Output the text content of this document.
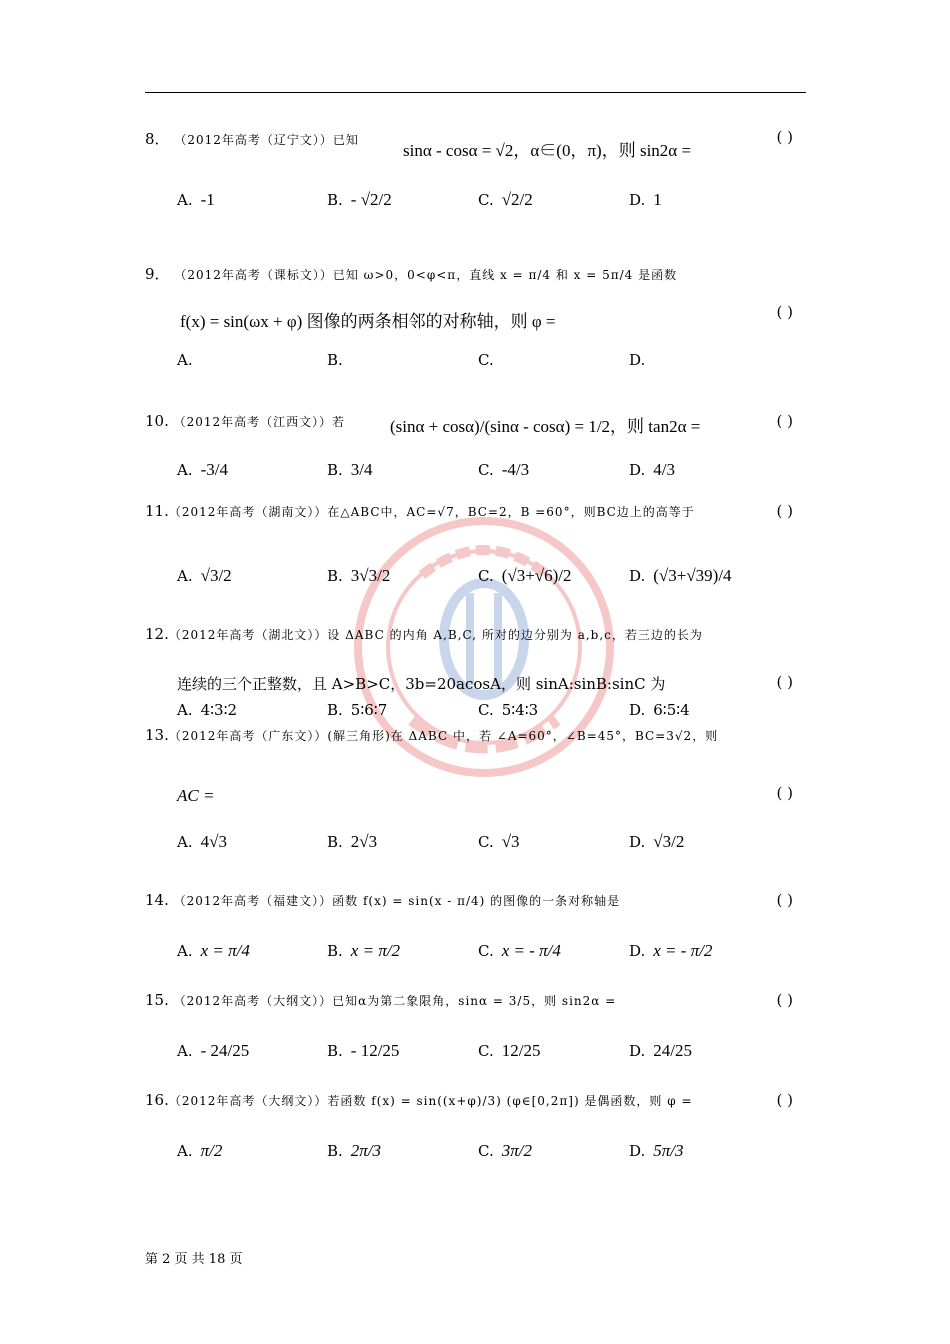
8． （2012年高考（辽宁文））已知
sinα - cosα = √2，α∈(0，π)，则 sin2α =
( )
A. -1	B. - √2/2	C. √2/2	D. 1
9． （2012年高考（课标文））已知 ω>0，0<φ<π，直线 x = π/4 和 x = 5π/4 是函数
f(x) = sin(ωx + φ) 图像的两条相邻的对称轴，则 φ =	( )
A.	B.	C.	D.
10. （2012年高考（江西文））若	(sinα + cosα)/(sinα - cosα) = 1/2，则 tan2α =	( )
A. -3/4	B. 3/4	C. -4/3	D. 4/3
11.（2012年高考（湖南文））在△ABC中，AC=√7，BC=2，B =60°，则BC边上的高等于	( )
A. √3/2	B. 3√3/2	C. (√3+√6)/2	D. (√3+√39)/4
12.（2012年高考（湖北文））设 ΔABC 的内角 A,B,C, 所对的边分别为 a,b,c，若三边的长为
连续的三个正整数，且 A>B>C，3b=20acosA，则 sinA:sinB:sinC 为	( )
A. 4∶3∶2	B. 5∶6∶7	C. 5∶4∶3	D. 6∶5∶4
13.（2012年高考（广东文））(解三角形)在 ΔABC 中，若 ∠A=60°，∠B=45°，BC=3√2，则
AC =	( )
A. 4√3	B. 2√3	C. √3	D. √3/2
14. （2012年高考（福建文））函数 f(x) = sin(x - π/4) 的图像的一条对称轴是	( )
A. x = π/4	B. x = π/2	C. x = - π/4	D. x = - π/2
15. （2012年高考（大纲文））已知α为第二象限角，sinα = 3/5，则 sin2α =	( )
A. - 24/25	B. - 12/25	C. 12/25	D. 24/25
16.（2012年高考（大纲文））若函数 f(x) = sin((x+φ)/3) (φ∈[0,2π]) 是偶函数，则 φ =	( )
A. π/2	B. 2π/3	C. 3π/2	D. 5π/3
第 2 页 共 18 页
